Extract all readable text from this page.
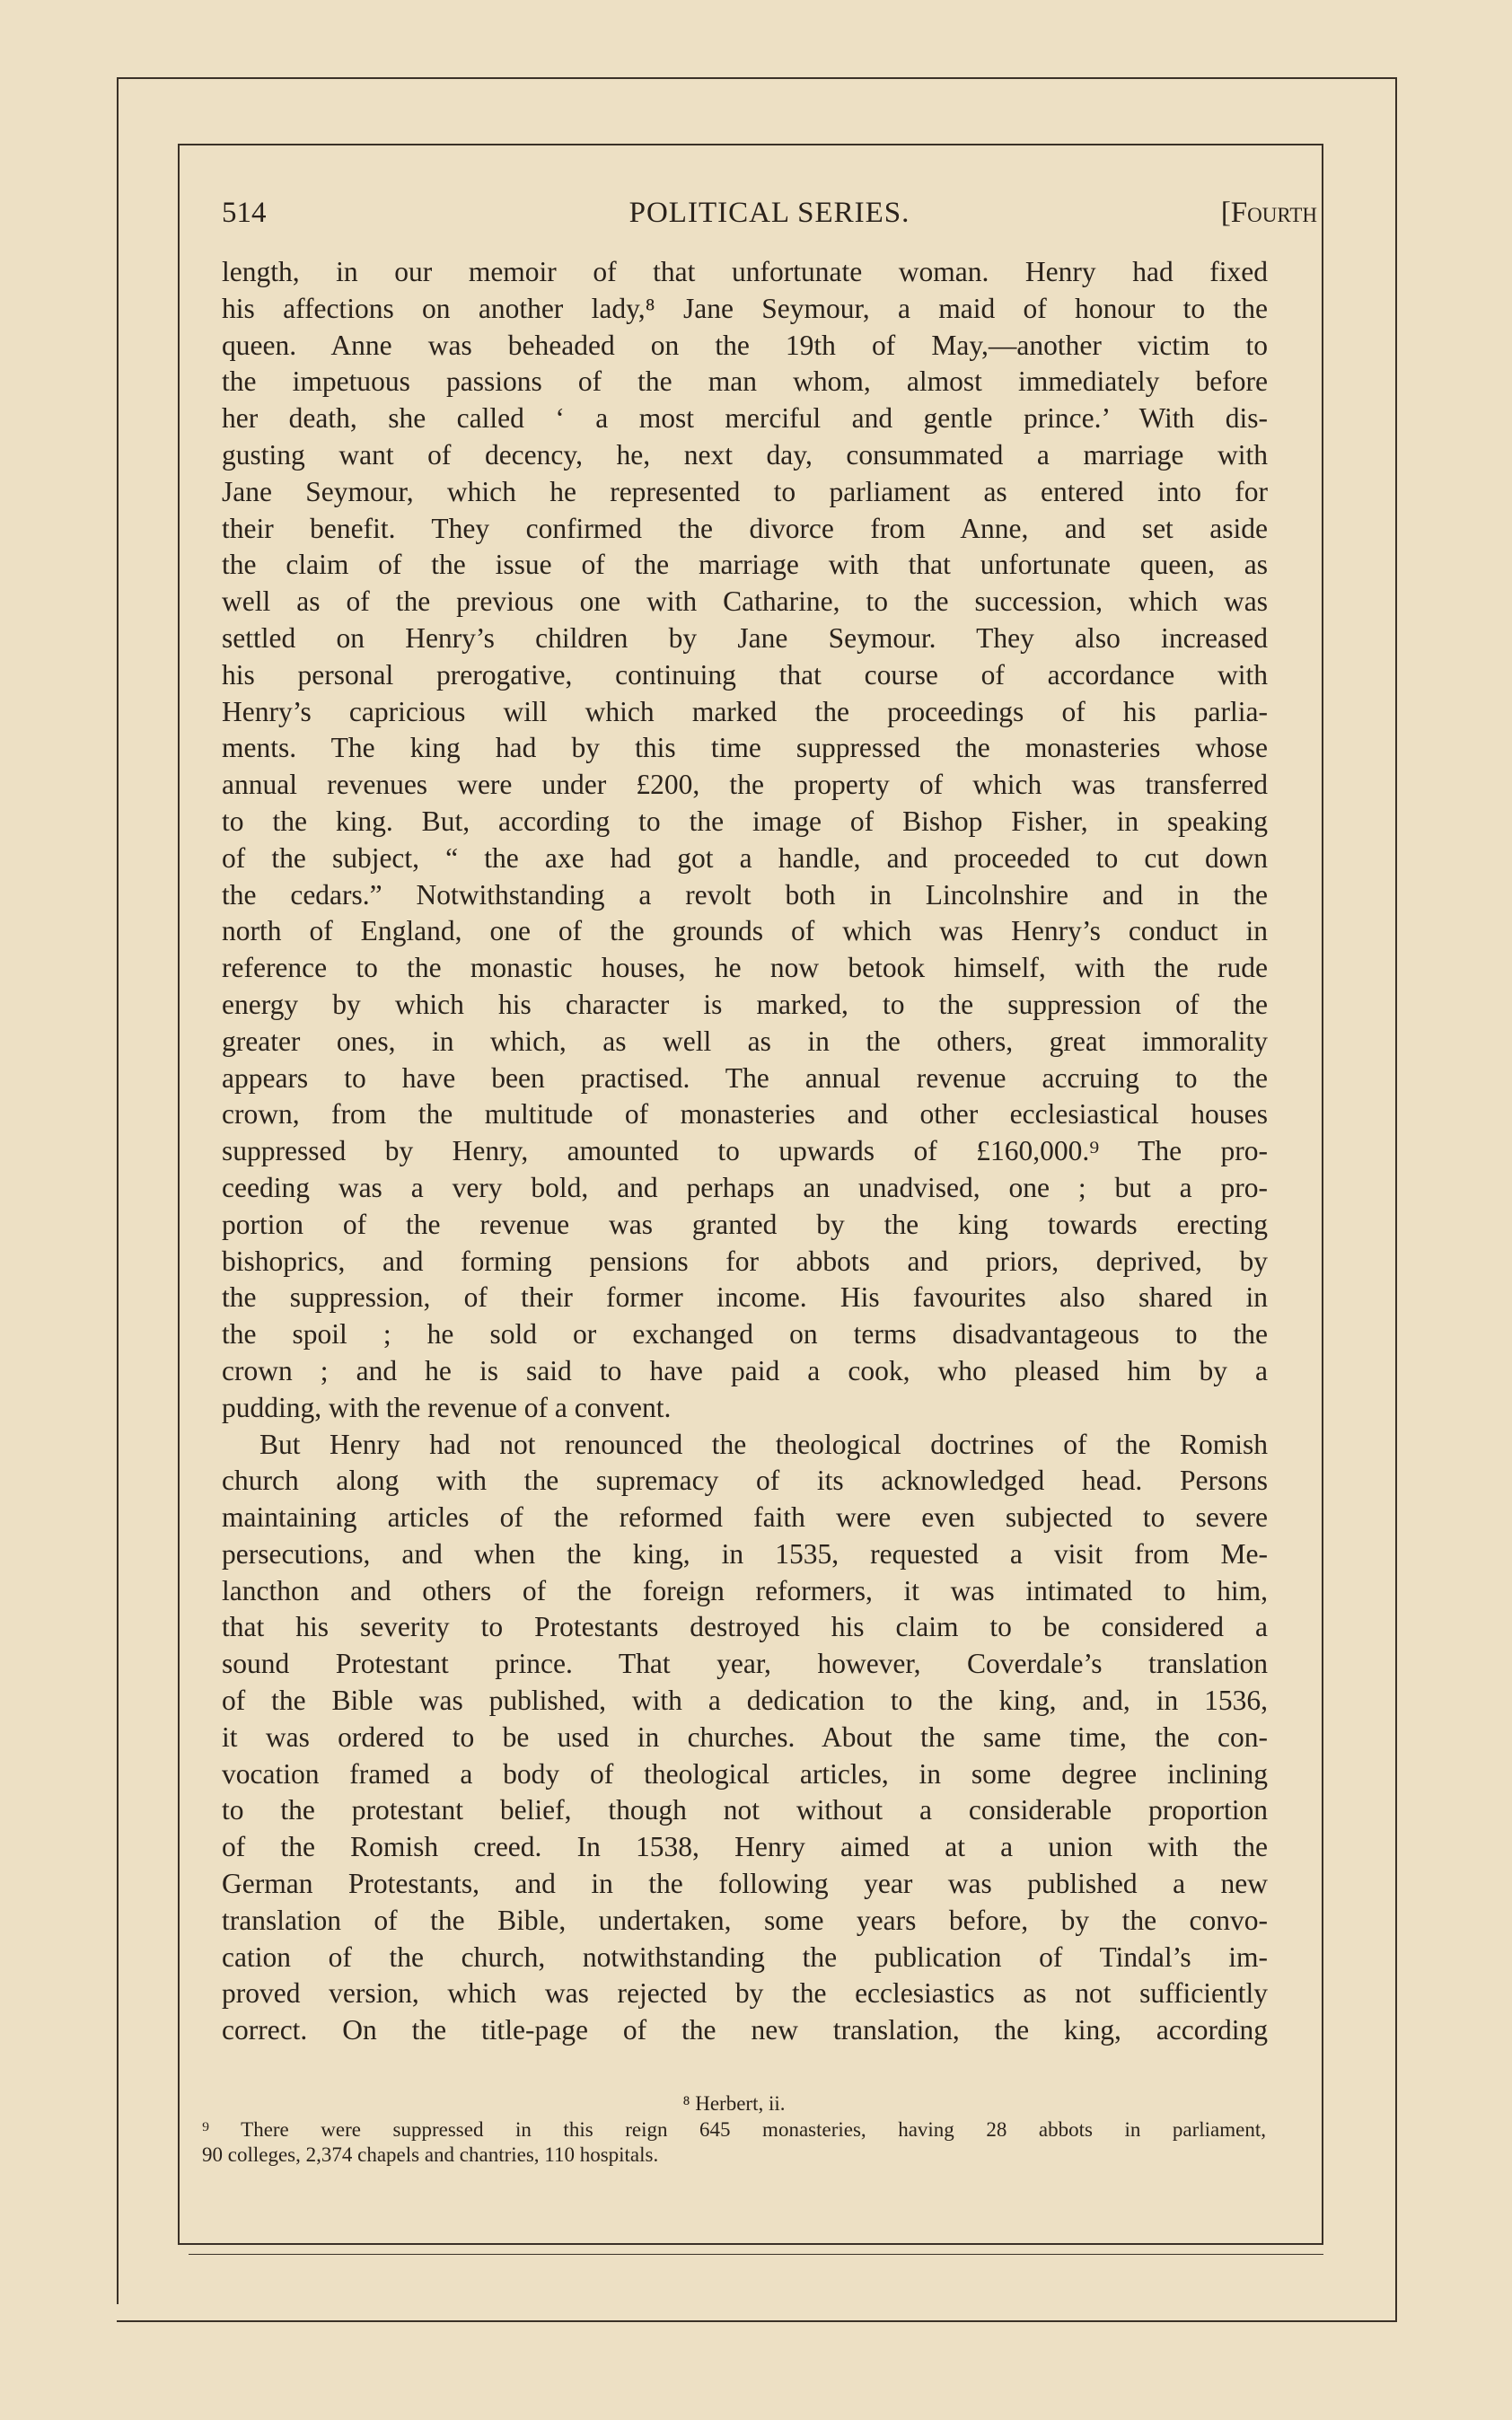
514	POLITICAL SERIES.	[Fourth
length, in our memoir of that unfortunate woman. Henry had fixed
his affections on another lady,⁸ Jane Seymour, a maid of honour to the
queen. Anne was beheaded on the 19th of May,—another victim to
the impetuous passions of the man whom, almost immediately before
her death, she called ‘ a most merciful and gentle prince.’ With dis-
gusting want of decency, he, next day, consummated a marriage with
Jane Seymour, which he represented to parliament as entered into for
their benefit. They confirmed the divorce from Anne, and set aside
the claim of the issue of the marriage with that unfortunate queen, as
well as of the previous one with Catharine, to the succession, which was
settled on Henry’s children by Jane Seymour. They also increased
his personal prerogative, continuing that course of accordance with
Henry’s capricious will which marked the proceedings of his parlia-
ments. The king had by this time suppressed the monasteries whose
annual revenues were under £200, the property of which was transferred
to the king. But, according to the image of Bishop Fisher, in speaking
of the subject, “ the axe had got a handle, and proceeded to cut down
the cedars.” Notwithstanding a revolt both in Lincolnshire and in the
north of England, one of the grounds of which was Henry’s conduct in
reference to the monastic houses, he now betook himself, with the rude
energy by which his character is marked, to the suppression of the
greater ones, in which, as well as in the others, great immorality
appears to have been practised. The annual revenue accruing to the
crown, from the multitude of monasteries and other ecclesiastical houses
suppressed by Henry, amounted to upwards of £160,000.⁹ The pro-
ceeding was a very bold, and perhaps an unadvised, one ; but a pro-
portion of the revenue was granted by the king towards erecting
bishoprics, and forming pensions for abbots and priors, deprived, by
the suppression, of their former income. His favourites also shared in
the spoil ; he sold or exchanged on terms disadvantageous to the
crown ; and he is said to have paid a cook, who pleased him by a
pudding, with the revenue of a convent.
But Henry had not renounced the theological doctrines of the Romish
church along with the supremacy of its acknowledged head. Persons
maintaining articles of the reformed faith were even subjected to severe
persecutions, and when the king, in 1535, requested a visit from Me-
lancthon and others of the foreign reformers, it was intimated to him,
that his severity to Protestants destroyed his claim to be considered a
sound Protestant prince. That year, however, Coverdale’s translation
of the Bible was published, with a dedication to the king, and, in 1536,
it was ordered to be used in churches. About the same time, the con-
vocation framed a body of theological articles, in some degree inclining
to the protestant belief, though not without a considerable proportion
of the Romish creed. In 1538, Henry aimed at a union with the
German Protestants, and in the following year was published a new
translation of the Bible, undertaken, some years before, by the convo-
cation of the church, notwithstanding the publication of Tindal’s im-
proved version, which was rejected by the ecclesiastics as not sufficiently
correct. On the title-page of the new translation, the king, according
⁸ Herbert, ii.
⁹ There were suppressed in this reign 645 monasteries, having 28 abbots in parliament,
90 colleges, 2,374 chapels and chantries, 110 hospitals.
